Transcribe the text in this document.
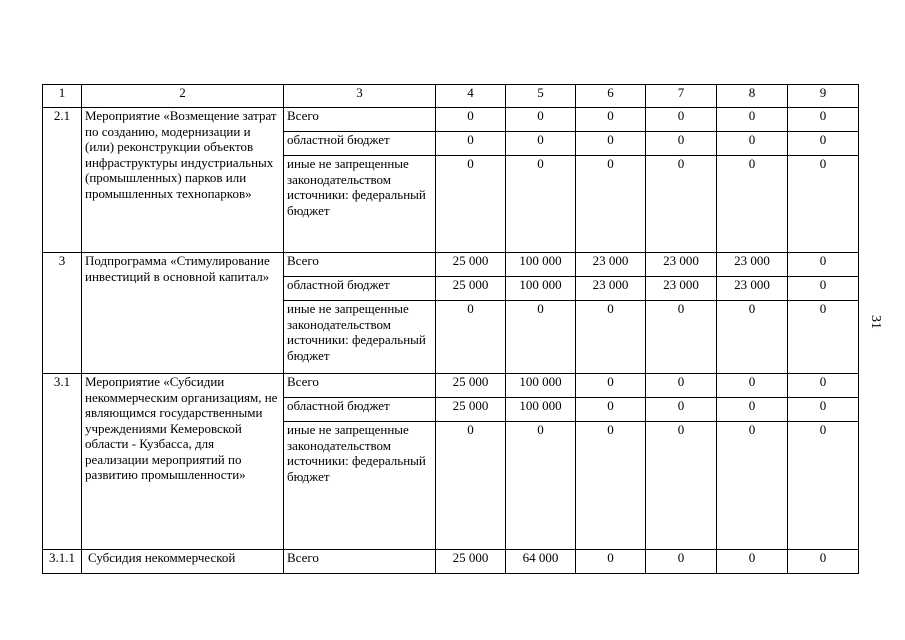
1	2	3	4	5	6	7	8	9
2.1	Мероприятие «Возмещение затрат по созданию, модернизации и (или) реконструкции объектов инфраструктуры индустриальных (промышленных) парков или промышленных технопарков»	Всего	0	0	0	0	0	0
		областной бюджет	0	0	0	0	0	0
		иные не запрещенные законодательством источники: федеральный бюджет	0	0	0	0	0	0
3	Подпрограмма «Стимулирование инвестиций в основной капитал»	Всего	25 000	100 000	23 000	23 000	23 000	0
		областной бюджет	25 000	100 000	23 000	23 000	23 000	0
		иные не запрещенные законодательством источники: федеральный бюджет	0	0	0	0	0	0
3.1	Мероприятие «Субсидии некоммерческим организациям, не являющимся государственными учреждениями Кемеровской области - Кузбасса, для реализации мероприятий по развитию промышленности»	Всего	25 000	100 000	0	0	0	0
		областной бюджет	25 000	100 000	0	0	0	0
		иные не запрещенные законодательством источники: федеральный бюджет	0	0	0	0	0	0
3.1.1	Субсидия некоммерческой	Всего	25 000	64 000	0	0	0	0
31
